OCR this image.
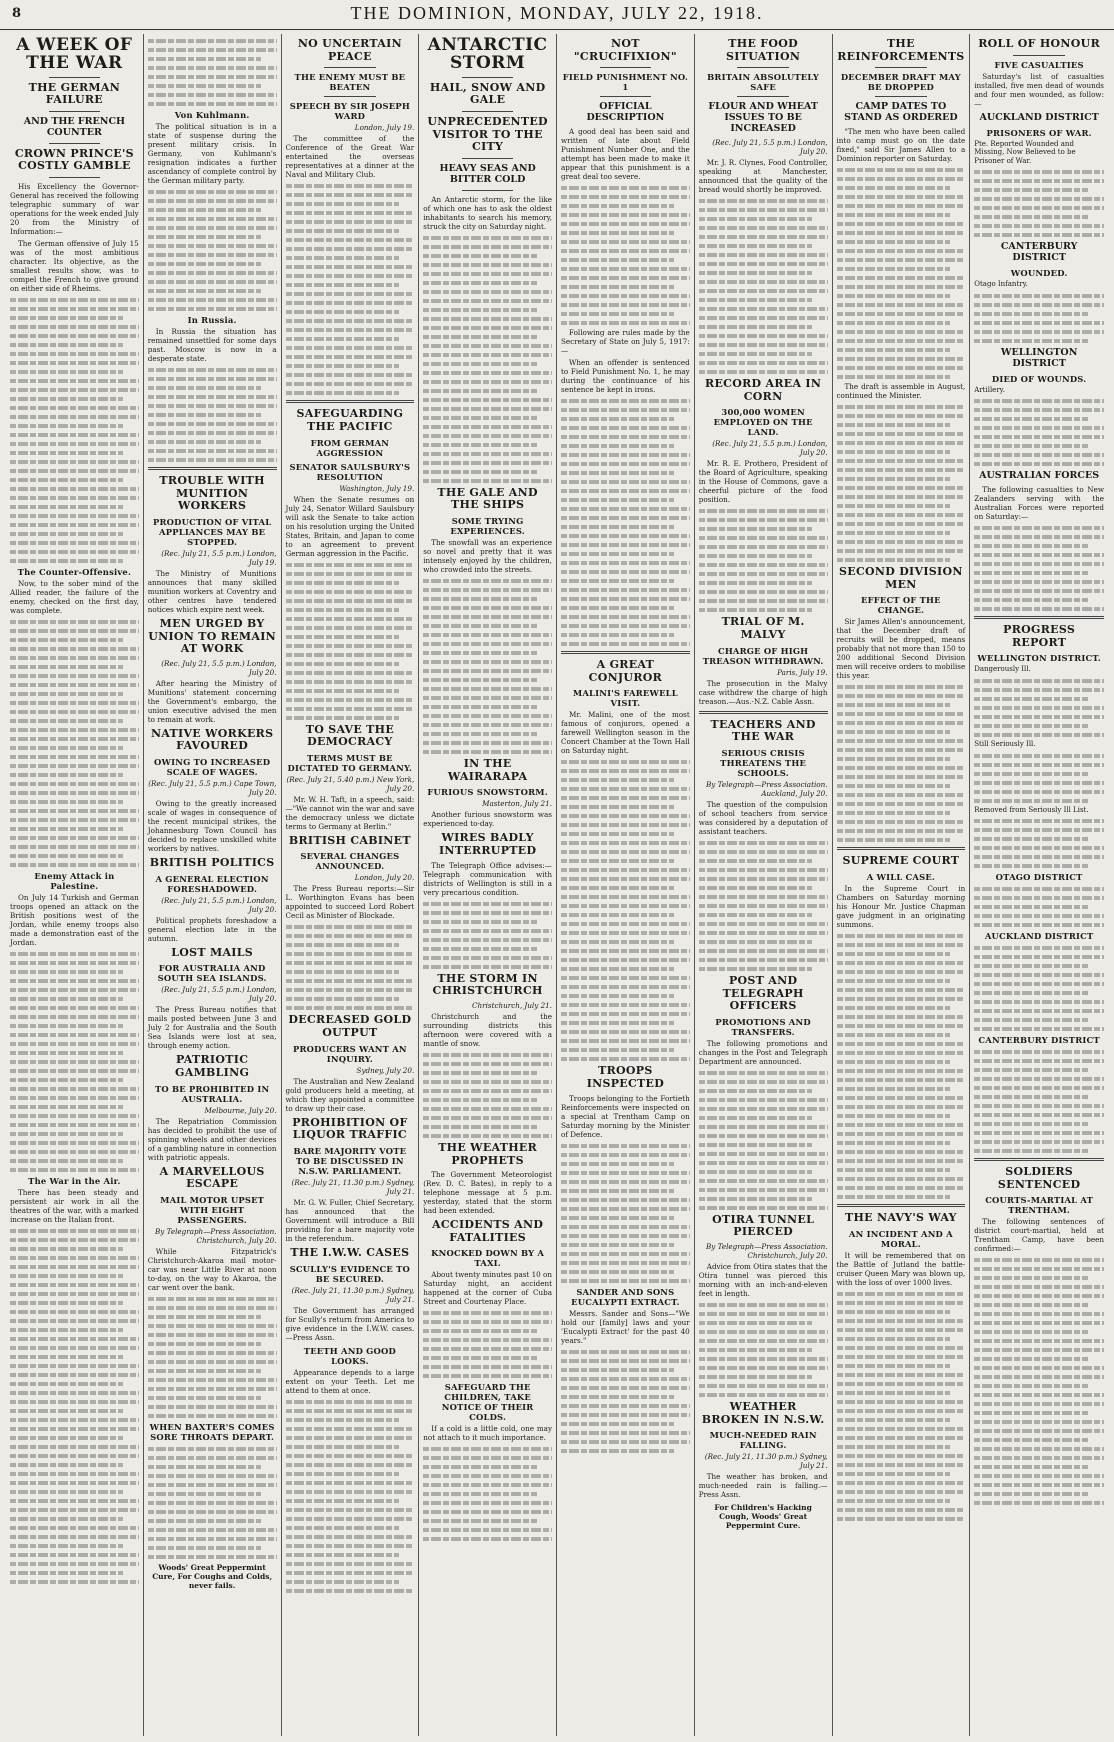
8	THE DOMINION, MONDAY, JULY 22, 1918.
A WEEK OF THE WAR
THE GERMAN FAILURE
AND THE FRENCH COUNTER
CROWN PRINCE'S COSTLY GAMBLE

His Excellency the Governor-General has received the following telegraphic summary of war operations for the week ended July 20 from the Ministry of Information:—

The German offensive of July 15 was of the most ambitious character. Its objective, as the smallest results show, was to compel the French to give ground on either side of Rheims.

The Counter-Offensive.

Now, to the sober mind of the Allied reader, the failure of the enemy, checked on the first day, was complete.

Enemy Attack in Palestine.

On July 14 Turkish and German troops opened an attack on the British positions west of the Jordan, while enemy troops also made a demonstration east of the Jordan.

The War in the Air.

There has been steady and persistent air work in all the theatres of the war, with a marked increase on the Italian front.

Von Kuhlmann.

The political situation is in a state of suspense during the present military crisis. In Germany, von Kuhlmann's resignation indicates a further ascendancy of complete control by the German military party.

In Russia.

In Russia the situation has remained unsettled for some days past. Moscow is now in a desperate state.

TROUBLE WITH MUNITION WORKERS
PRODUCTION OF VITAL APPLIANCES MAY BE STOPPED.

(Rec. July 21, 5.5 p.m.) London, July 19.

The Ministry of Munitions announces that many skilled munition workers at Coventry and other centres have tendered notices which expire next week.

MEN URGED BY UNION TO REMAIN AT WORK

(Rec. July 21, 5.5 p.m.) London, July 20.

After hearing the Ministry of Munitions' statement concerning the Government's embargo, the union executive advised the men to remain at work.

NATIVE WORKERS FAVOURED
OWING TO INCREASED SCALE OF WAGES.

(Rec. July 21, 5.5 p.m.) Cape Town, July 20.

Owing to the greatly increased scale of wages in consequence of the recent municipal strikes, the Johannesburg Town Council has decided to replace unskilled white workers by natives.

BRITISH POLITICS
A GENERAL ELECTION FORESHADOWED.

(Rec. July 21, 5.5 p.m.) London, July 20.

Political prophets foreshadow a general election late in the autumn.

LOST MAILS
FOR AUSTRALIA AND SOUTH SEA ISLANDS.

(Rec. July 21, 5.5 p.m.) London, July 20.

The Press Bureau notifies that mails posted between June 3 and July 2 for Australia and the South Sea Islands were lost at sea, through enemy action.

PATRIOTIC GAMBLING
TO BE PROHIBITED IN AUSTRALIA.

Melbourne, July 20.

The Repatriation Commission has decided to prohibit the use of spinning wheels and other devices of a gambling nature in connection with patriotic appeals.

A MARVELLOUS ESCAPE
MAIL MOTOR UPSET WITH EIGHT PASSENGERS.

By Telegraph—Press Association. Christchurch, July 20.

While Fitzpatrick's Christchurch-Akaroa mail motor-car was near Little River at noon to-day, on the way to Akaroa, the car went over the bank.

WHEN BAXTER'S COMES SORE THROATS DEPART.

Woods' Great Peppermint Cure, For Coughs and Colds, never fails.

NO UNCERTAIN PEACE
THE ENEMY MUST BE BEATEN
SPEECH BY SIR JOSEPH WARD

London, July 19.

The committee of the Conference of the Great War entertained the overseas representatives at a dinner at the Naval and Military Club.

SAFEGUARDING THE PACIFIC
FROM GERMAN AGGRESSION
SENATOR SAULSBURY'S RESOLUTION

Washington, July 19.

When the Senate resumes on July 24, Senator Willard Saulsbury will ask the Senate to take action on his resolution urging the United States, Britain, and Japan to come to an agreement to prevent German aggression in the Pacific.

TO SAVE THE DEMOCRACY
TERMS MUST BE DICTATED TO GERMANY.

(Rec. July 21, 5.40 p.m.) New York, July 20.

Mr. W. H. Taft, in a speech, said:—"We cannot win the war and save the democracy unless we dictate terms to Germany at Berlin."

BRITISH CABINET
SEVERAL CHANGES ANNOUNCED.

London, July 20.

The Press Bureau reports:—Sir L. Worthington Evans has been appointed to succeed Lord Robert Cecil as Minister of Blockade.

DECREASED GOLD OUTPUT
PRODUCERS WANT AN INQUIRY.

Sydney, July 20.

The Australian and New Zealand gold producers held a meeting, at which they appointed a committee to draw up their case.

PROHIBITION OF LIQUOR TRAFFIC
BARE MAJORITY VOTE TO BE DISCUSSED IN N.S.W. PARLIAMENT.

(Rec. July 21, 11.30 p.m.) Sydney, July 21.

Mr. G. W. Fuller, Chief Secretary, has announced that the Government will introduce a Bill providing for a bare majority vote in the referendum.

THE I.W.W. CASES
SCULLY'S EVIDENCE TO BE SECURED.

(Rec. July 21, 11.30 p.m.) Sydney, July 21.

The Government has arranged for Scully's return from America to give evidence in the I.W.W. cases.—Press Assn.

TEETH AND GOOD LOOKS.

Appearance depends to a large extent on your Teeth. Let me attend to them at once.

ANTARCTIC STORM
HAIL, SNOW AND GALE
UNPRECEDENTED VISITOR TO THE CITY
HEAVY SEAS AND BITTER COLD

An Antarctic storm, for the like of which one has to ask the oldest inhabitants to search his memory, struck the city on Saturday night.

THE GALE AND THE SHIPS
SOME TRYING EXPERIENCES.

The snowfall was an experience so novel and pretty that it was intensely enjoyed by the children, who crowded into the streets.

IN THE WAIRARAPA
FURIOUS SNOWSTORM.

Masterton, July 21.

Another furious snowstorm was experienced to-day.

WIRES BADLY INTERRUPTED

The Telegraph Office advises:—Telegraph communication with districts of Wellington is still in a very precarious condition.

THE STORM IN CHRISTCHURCH

Christchurch, July 21.

Christchurch and the surrounding districts this afternoon were covered with a mantle of snow.

THE WEATHER PROPHETS

The Government Meteorologist (Rev. D. C. Bates), in reply to a telephone message at 5 p.m. yesterday, stated that the storm had been extended.

ACCIDENTS AND FATALITIES
KNOCKED DOWN BY A TAXI.

About twenty minutes past 10 on Saturday night, an accident happened at the corner of Cuba Street and Courtenay Place.

SAFEGUARD THE CHILDREN, TAKE NOTICE OF THEIR COLDS.

If a cold is a little cold, one may not attach to it much importance.

NOT "CRUCIFIXION"
FIELD PUNISHMENT NO. 1
OFFICIAL DESCRIPTION

A good deal has been said and written of late about Field Punishment Number One, and the attempt has been made to make it appear that this punishment is a great deal too severe.

Following are rules made by the Secretary of State on July 5, 1917:—

When an offender is sentenced to Field Punishment No. 1, he may during the continuance of his sentence be kept in irons.

A GREAT CONJUROR
MALINI'S FAREWELL VISIT.

Mr. Malini, one of the most famous of conjurors, opened a farewell Wellington season in the Concert Chamber at the Town Hall on Saturday night.

TROOPS INSPECTED

Troops belonging to the Fortieth Reinforcements were inspected on a special at Trentham Camp on Saturday morning by the Minister of Defence.

SANDER AND SONS EUCALYPTI EXTRACT.

Messrs. Sander and Sons—"We hold our [family] laws and your 'Eucalypti Extract' for the past 40 years."

THE FOOD SITUATION
BRITAIN ABSOLUTELY SAFE
FLOUR AND WHEAT ISSUES TO BE INCREASED

(Rec. July 21, 5.5 p.m.) London, July 20.

Mr. J. R. Clynes, Food Controller, speaking at Manchester, announced that the quality of the bread would shortly be improved.

RECORD AREA IN CORN
300,000 WOMEN EMPLOYED ON THE LAND.

(Rec. July 21, 5.5 p.m.) London, July 20.

Mr. R. E. Prothero, President of the Board of Agriculture, speaking in the House of Commons, gave a cheerful picture of the food position.

TRIAL OF M. MALVY
CHARGE OF HIGH TREASON WITHDRAWN.

Paris, July 19.

The prosecution in the Malvy case withdrew the charge of high treason.—Aus.-N.Z. Cable Assn.

TEACHERS AND THE WAR
SERIOUS CRISIS THREATENS THE SCHOOLS.

By Telegraph—Press Association. Auckland, July 20.

The question of the compulsion of school teachers from service was considered by a deputation of assistant teachers.

POST AND TELEGRAPH OFFICERS
PROMOTIONS AND TRANSFERS.

The following promotions and changes in the Post and Telegraph Department are announced.

OTIRA TUNNEL PIERCED

By Telegraph—Press Association. Christchurch, July 20.

Advice from Otira states that the Otira tunnel was pierced this morning with an inch-and-eleven feet in length.

WEATHER BROKEN IN N.S.W.
MUCH-NEEDED RAIN FALLING.

(Rec. July 21, 11.30 p.m.) Sydney, July 21.

The weather has broken, and much-needed rain is falling.—Press Assn.

For Children's Hacking Cough, Woods' Great Peppermint Cure.

THE REINFORCEMENTS
DECEMBER DRAFT MAY BE DROPPED
CAMP DATES TO STAND AS ORDERED

"The men who have been called into camp must go on the date fixed," said Sir James Allen to a Dominion reporter on Saturday.

The draft is assemble in August, continued the Minister.

SECOND DIVISION MEN
EFFECT OF THE CHANGE.

Sir James Allen's announcement, that the December draft of recruits will be dropped, means probably that not more than 150 to 200 additional Second Division men will receive orders to mobilise this year.

SUPREME COURT
A WILL CASE.

In the Supreme Court in Chambers on Saturday morning his Honour Mr. Justice Chapman gave judgment in an originating summons.

THE NAVY'S WAY
AN INCIDENT AND A MORAL.

It will be remembered that on the Battle of Jutland the battle-cruiser Queen Mary was blown up, with the loss of over 1000 lives.

ROLL OF HONOUR
FIVE CASUALTIES

Saturday's list of casualties installed, five men dead of wounds and four men wounded, as follow:—

AUCKLAND DISTRICT
PRISONERS OF WAR.

Pte. Reported Wounded and Missing, Now Believed to be Prisoner of War.

CANTERBURY DISTRICT
WOUNDED.

Otago Infantry.

WELLINGTON DISTRICT
DIED OF WOUNDS.

Artillery.

AUSTRALIAN FORCES

The following casualties to New Zealanders serving with the Australian Forces were reported on Saturday:—

PROGRESS REPORT
WELLINGTON DISTRICT.

Dangerously Ill.

Still Seriously Ill.

Removed from Seriously Ill List.

OTAGO DISTRICT
AUCKLAND DISTRICT
CANTERBURY DISTRICT
SOLDIERS SENTENCED
COURTS-MARTIAL AT TRENTHAM.

The following sentences of district court-martial, held at Trentham Camp, have been confirmed:—
